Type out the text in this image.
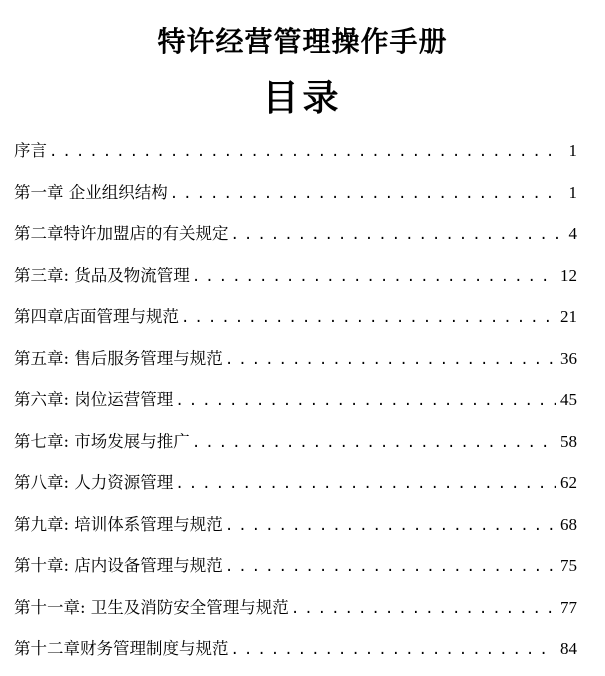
特许经营管理操作手册
目录
序言 .....	1
第一章 企业组织结构 .....	1
第二章特许加盟店的有关规定 .....	4
第三章: 货品及物流管理 .....	12
第四章店面管理与规范 .....	21
第五章: 售后服务管理与规范 .....	36
第六章: 岗位运营管理 .....	45
第七章: 市场发展与推广 .....	58
第八章: 人力资源管理 .....	62
第九章: 培训体系管理与规范 .....	68
第十章: 店内设备管理与规范 .....	75
第十一章: 卫生及消防安全管理与规范 .....	77
第十二章财务管理制度与规范 .....	84
